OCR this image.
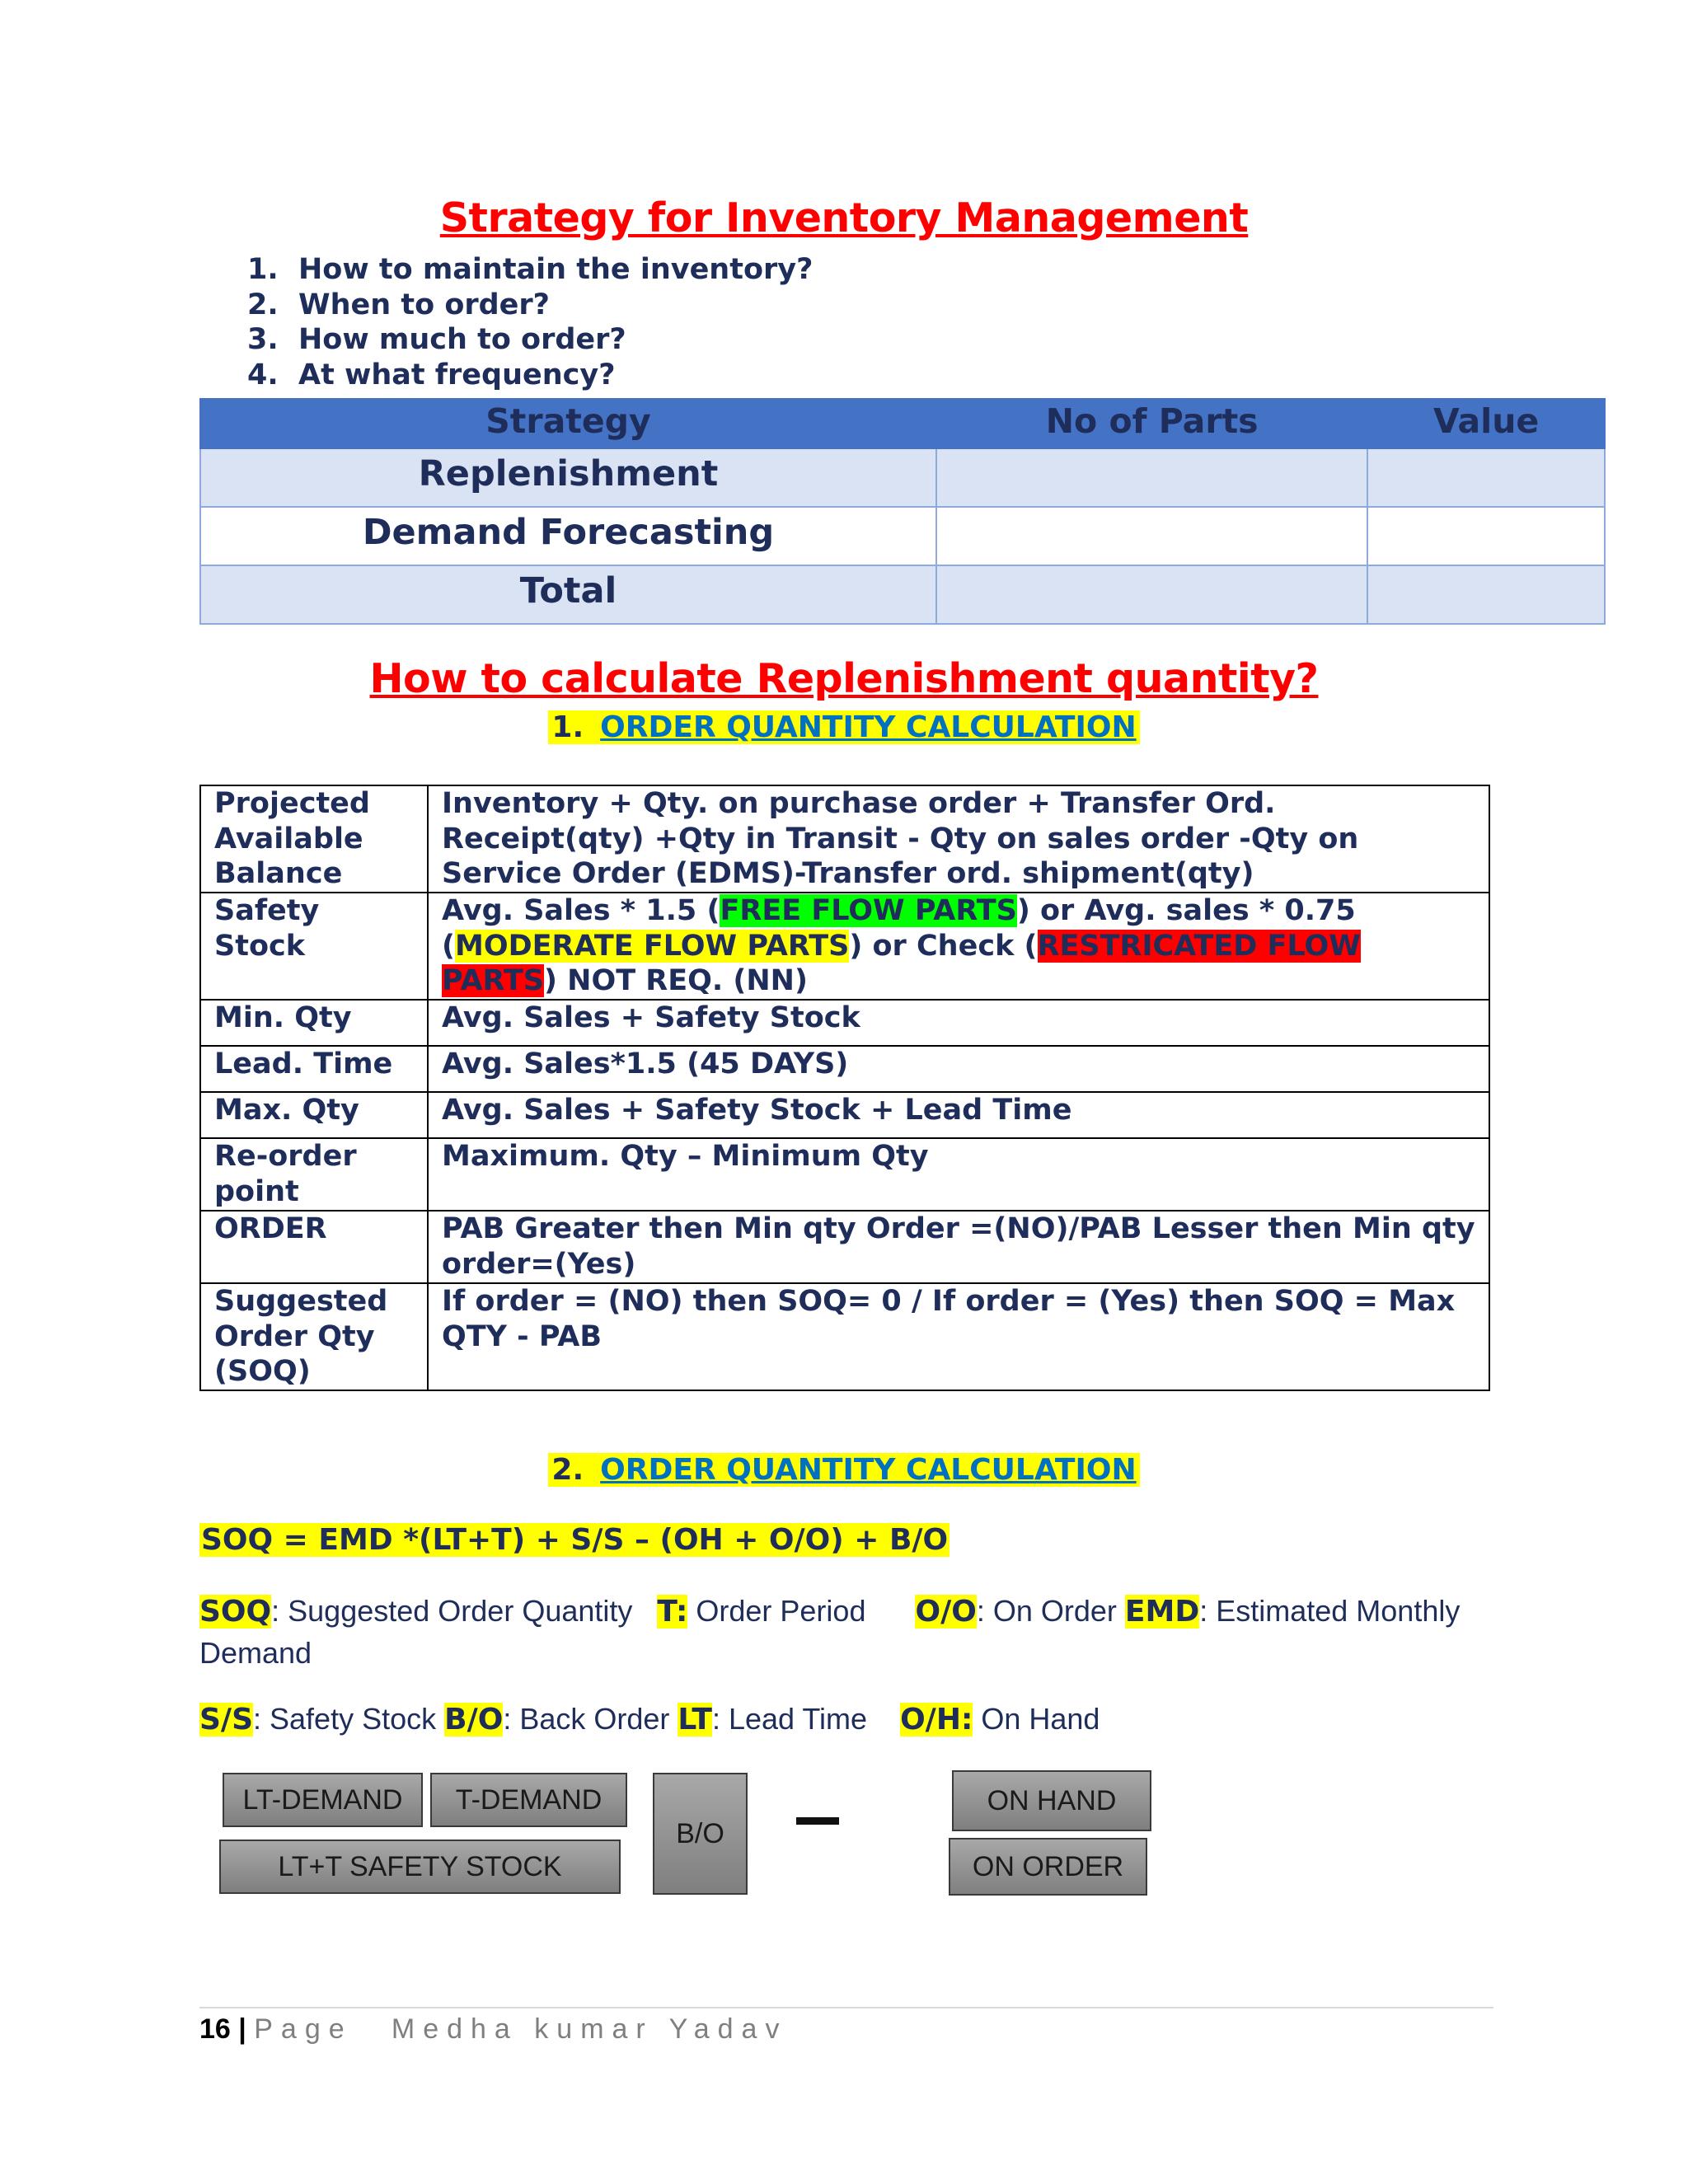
Strategy for Inventory Management
1. How to maintain the inventory?
2. When to order?
3. How much to order?
4. At what frequency?
Strategy	No of Parts	Value
Replenishment		
Demand Forecasting		
Total		
How to calculate Replenishment quantity?
1. ORDER QUANTITY CALCULATION
Projected Available Balance	Inventory + Qty. on purchase order + Transfer Ord. Receipt(qty) +Qty in Transit - Qty on sales order -Qty on Service Order (EDMS)-Transfer ord. shipment(qty)
Safety Stock	Avg. Sales * 1.5 (FREE FLOW PARTS) or Avg. sales * 0.75 (MODERATE FLOW PARTS) or Check (RESTRICATED FLOW PARTS) NOT REQ. (NN)
Min. Qty	Avg. Sales + Safety Stock
Lead. Time	Avg. Sales*1.5 (45 DAYS)
Max. Qty	Avg. Sales + Safety Stock + Lead Time
Re-order point	Maximum. Qty – Minimum Qty
ORDER	PAB Greater then Min qty Order =(NO)/PAB Lesser then Min qty order=(Yes)
Suggested Order Qty (SOQ)	If order = (NO) then SOQ= 0 / If order = (Yes) then SOQ = Max QTY - PAB
2. ORDER QUANTITY CALCULATION
SOQ = EMD *(LT+T) + S/S – (OH + O/O) + B/O
SOQ: Suggested Order Quantity   T: Order Period      O/O: On Order EMD: Estimated Monthly Demand
S/S: Safety Stock B/O: Back Order LT: Lead Time    O/H: On Hand
LT-DEMAND	T-DEMAND
LT+T SAFETY STOCK
B/O
ON HAND
ON ORDER
16 | Page Medha kumar Yadav
